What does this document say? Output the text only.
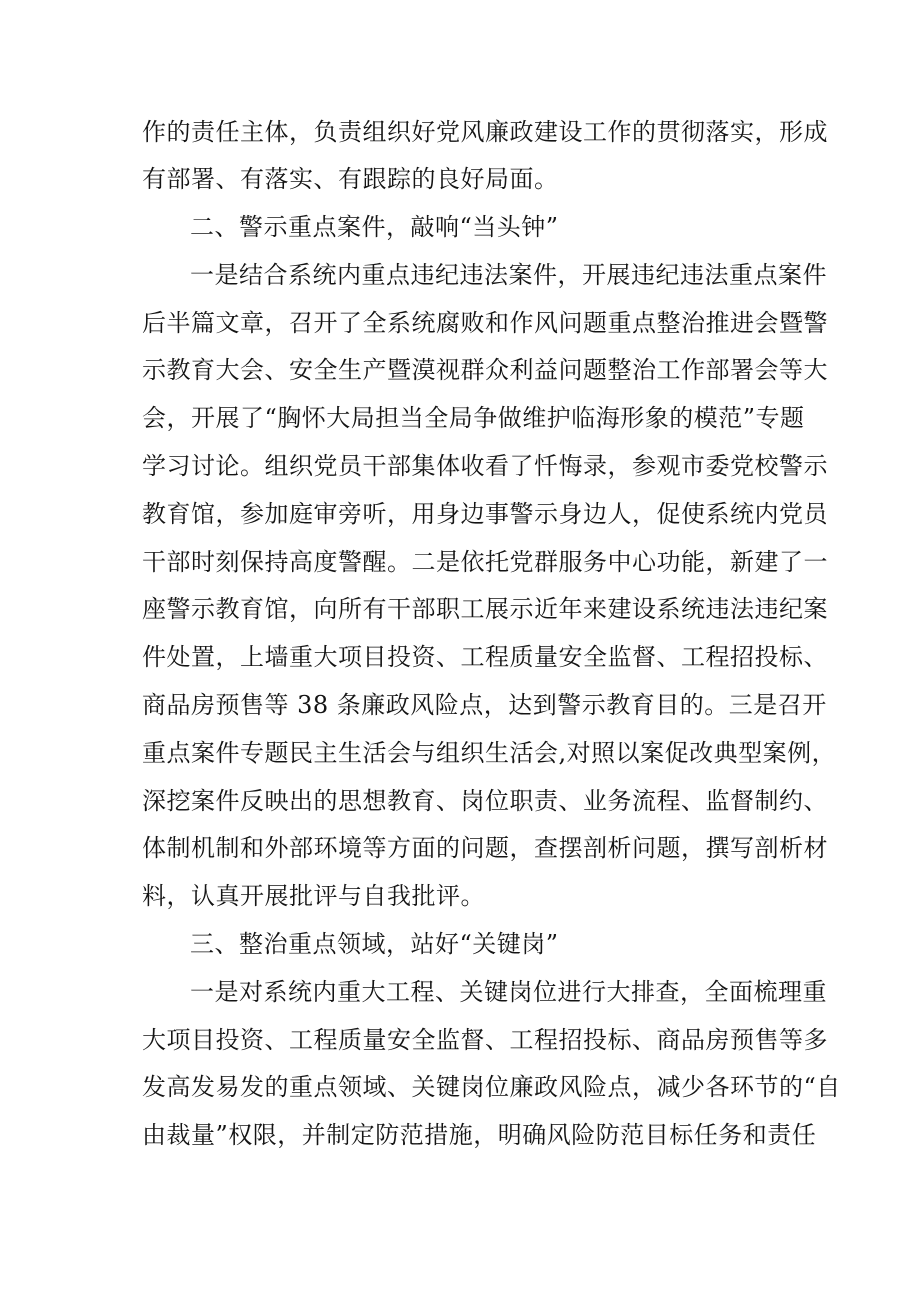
作的责任主体，负责组织好党风廉政建设工作的贯彻落实，形成
有部署、有落实、有跟踪的良好局面。
二、警示重点案件，敲响“当头钟”
一是结合系统内重点违纪违法案件，开展违纪违法重点案件
后半篇文章，召开了全系统腐败和作风问题重点整治推进会暨警
示教育大会、安全生产暨漠视群众利益问题整治工作部署会等大
会，开展了“胸怀大局担当全局争做维护临海形象的模范”专题
学习讨论。组织党员干部集体收看了忏悔录，参观市委党校警示
教育馆，参加庭审旁听，用身边事警示身边人，促使系统内党员
干部时刻保持高度警醒。二是依托党群服务中心功能，新建了一
座警示教育馆，向所有干部职工展示近年来建设系统违法违纪案
件处置，上墙重大项目投资、工程质量安全监督、工程招投标、
商品房预售等 38 条廉政风险点，达到警示教育目的。三是召开
重点案件专题民主生活会与组织生活会,对照以案促改典型案例，
深挖案件反映出的思想教育、岗位职责、业务流程、监督制约、
体制机制和外部环境等方面的问题，查摆剖析问题，撰写剖析材
料，认真开展批评与自我批评。
三、整治重点领域，站好“关键岗”
一是对系统内重大工程、关键岗位进行大排查，全面梳理重
大项目投资、工程质量安全监督、工程招投标、商品房预售等多
发高发易发的重点领域、关键岗位廉政风险点，减少各环节的“自
由裁量”权限，并制定防范措施，明确风险防范目标任务和责任
